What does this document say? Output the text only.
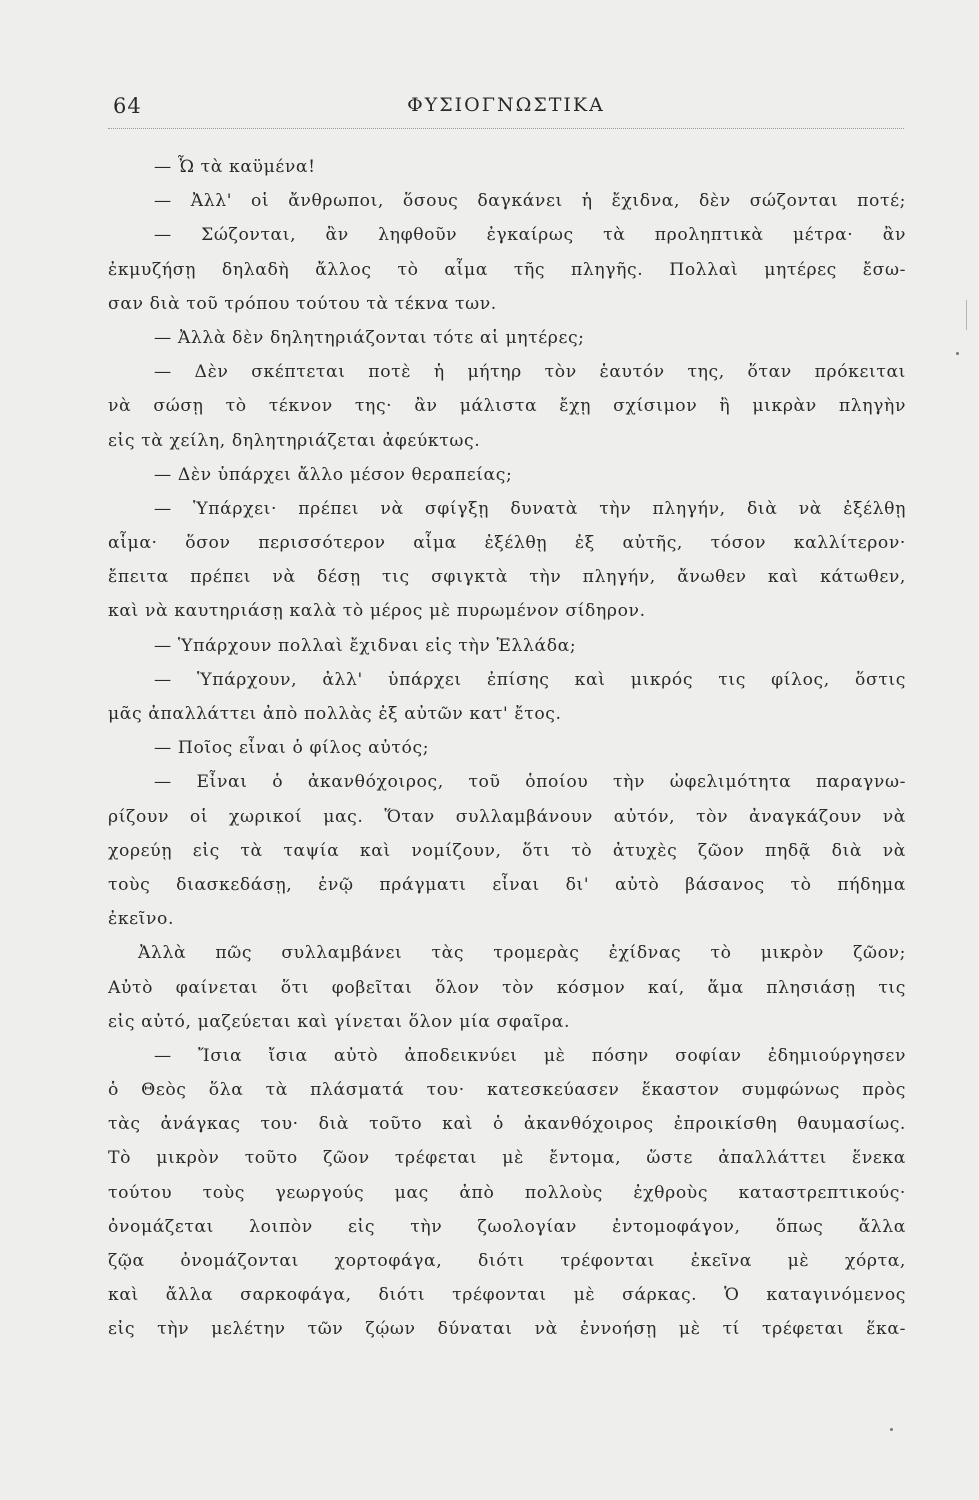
64	ΦΥΣΙΟΓΝΩΣΤΙΚΑ
— Ὦ τὰ καϋμένα!
— Ἀλλ' οἱ ἄνθρωποι, ὅσους δαγκάνει ἡ ἔχιδνα, δὲν σώζονται ποτέ;
— Σώζονται, ἂν ληφθοῦν ἐγκαίρως τὰ προληπτικὰ μέτρα· ἂν
ἐκμυζήσῃ δηλαδὴ ἄλλος τὸ αἷμα τῆς πληγῆς. Πολλαὶ μητέρες ἔσω-
σαν διὰ τοῦ τρόπου τούτου τὰ τέκνα των.
— Ἀλλὰ δὲν δηλητηριάζονται τότε αἱ μητέρες;
— Δὲν σκέπτεται ποτὲ ἡ μήτηρ τὸν ἑαυτόν της, ὅταν πρόκειται
νὰ σώσῃ τὸ τέκνον της· ἂν μάλιστα ἔχῃ σχίσιμον ἢ μικρὰν πληγὴν
εἰς τὰ χείλη, δηλητηριάζεται ἀφεύκτως.
— Δὲν ὑπάρχει ἄλλο μέσον θεραπείας;
— Ὑπάρχει· πρέπει νὰ σφίγξῃ δυνατὰ τὴν πληγήν, διὰ νὰ ἐξέλθῃ
αἷμα· ὅσον περισσότερον αἷμα ἐξέλθῃ ἐξ αὐτῆς, τόσον καλλίτερον·
ἔπειτα πρέπει νὰ δέσῃ τις σφιγκτὰ τὴν πληγήν, ἄνωθεν καὶ κάτωθεν,
καὶ νὰ καυτηριάσῃ καλὰ τὸ μέρος μὲ πυρωμένον σίδηρον.
— Ὑπάρχουν πολλαὶ ἔχιδναι εἰς τὴν Ἑλλάδα;
— Ὑπάρχουν, ἀλλ' ὑπάρχει ἐπίσης καὶ μικρός τις φίλος, ὅστις
μᾶς ἀπαλλάττει ἀπὸ πολλὰς ἐξ αὐτῶν κατ' ἔτος.
— Ποῖος εἶναι ὁ φίλος αὐτός;
— Εἶναι ὁ ἀκανθόχοιρος, τοῦ ὁποίου τὴν ὠφελιμότητα παραγνω-
ρίζουν οἱ χωρικοί μας. Ὅταν συλλαμβάνουν αὐτόν, τὸν ἀναγκάζουν νὰ
χορεύῃ εἰς τὰ ταψία καὶ νομίζουν, ὅτι τὸ ἀτυχὲς ζῶον πηδᾷ διὰ νὰ
τοὺς διασκεδάσῃ, ἐνῷ πράγματι εἶναι δι' αὐτὸ βάσανος τὸ πήδημα
ἐκεῖνο.
Ἀλλὰ πῶς συλλαμβάνει τὰς τρομερὰς ἐχίδνας τὸ μικρὸν ζῶον;
Αὐτὸ φαίνεται ὅτι φοβεῖται ὅλον τὸν κόσμον καί, ἅμα πλησιάσῃ τις
εἰς αὐτό, μαζεύεται καὶ γίνεται ὅλον μία σφαῖρα.
— Ἴσια ἴσια αὐτὸ ἀποδεικνύει μὲ πόσην σοφίαν ἐδημιούργησεν
ὁ Θεὸς ὅλα τὰ πλάσματά του· κατεσκεύασεν ἕκαστον συμφώνως πρὸς
τὰς ἀνάγκας του· διὰ τοῦτο καὶ ὁ ἀκανθόχοιρος ἐπροικίσθη θαυμασίως.
Τὸ μικρὸν τοῦτο ζῶον τρέφεται μὲ ἔντομα, ὥστε ἀπαλλάττει ἕνεκα
τούτου τοὺς γεωργούς μας ἀπὸ πολλοὺς ἐχθροὺς καταστρεπτικούς·
ὀνομάζεται λοιπὸν εἰς τὴν ζωολογίαν ἐντομοφάγον, ὅπως ἄλλα
ζῷα ὀνομάζονται χορτοφάγα, διότι τρέφονται ἐκεῖνα μὲ χόρτα,
καὶ ἄλλα σαρκοφάγα, διότι τρέφονται μὲ σάρκας. Ὁ καταγινόμενος
εἰς τὴν μελέτην τῶν ζῴων δύναται νὰ ἐννοήσῃ μὲ τί τρέφεται ἕκα-
